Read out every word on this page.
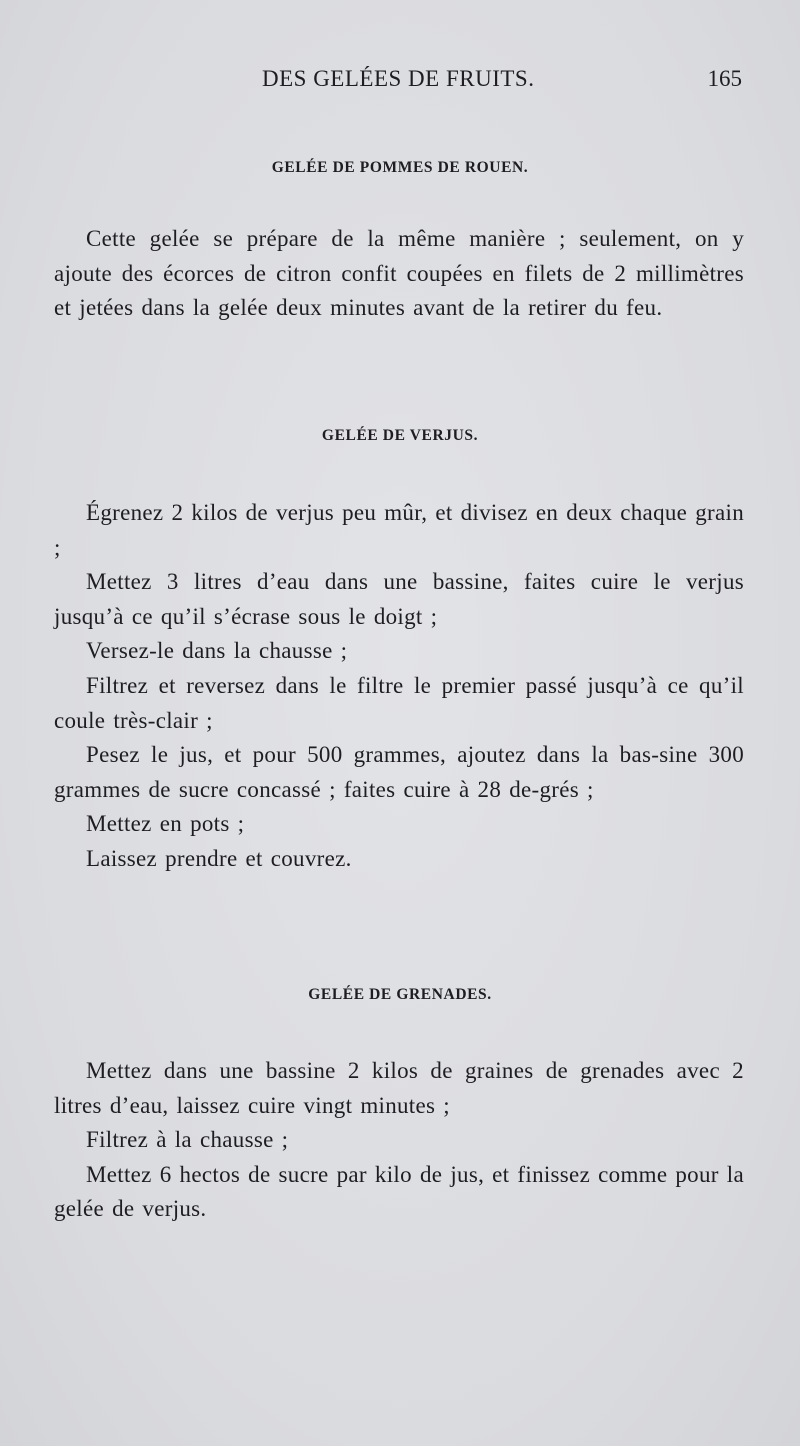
DES GELÉES DE FRUITS.	165
GELÉE DE POMMES DE ROUEN.

Cette gelée se prépare de la même manière ; seulement, on y ajoute des écorces de citron confit coupées en filets de 2 millimètres et jetées dans la gelée deux minutes avant de la retirer du feu.

GELÉE DE VERJUS.

Égrenez 2 kilos de verjus peu mûr, et divisez en deux chaque grain ;

Mettez 3 litres d’eau dans une bassine, faites cuire le verjus jusqu’à ce qu’il s’écrase sous le doigt ;

Versez-le dans la chausse ;

Filtrez et reversez dans le filtre le premier passé jusqu’à ce qu’il coule très-clair ;

Pesez le jus, et pour 500 grammes, ajoutez dans la bas-sine 300 grammes de sucre concassé ; faites cuire à 28 de-grés ;

Mettez en pots ;

Laissez prendre et couvrez.

GELÉE DE GRENADES.

Mettez dans une bassine 2 kilos de graines de grenades avec 2 litres d’eau, laissez cuire vingt minutes ;

Filtrez à la chausse ;

Mettez 6 hectos de sucre par kilo de jus, et finissez comme pour la gelée de verjus.
